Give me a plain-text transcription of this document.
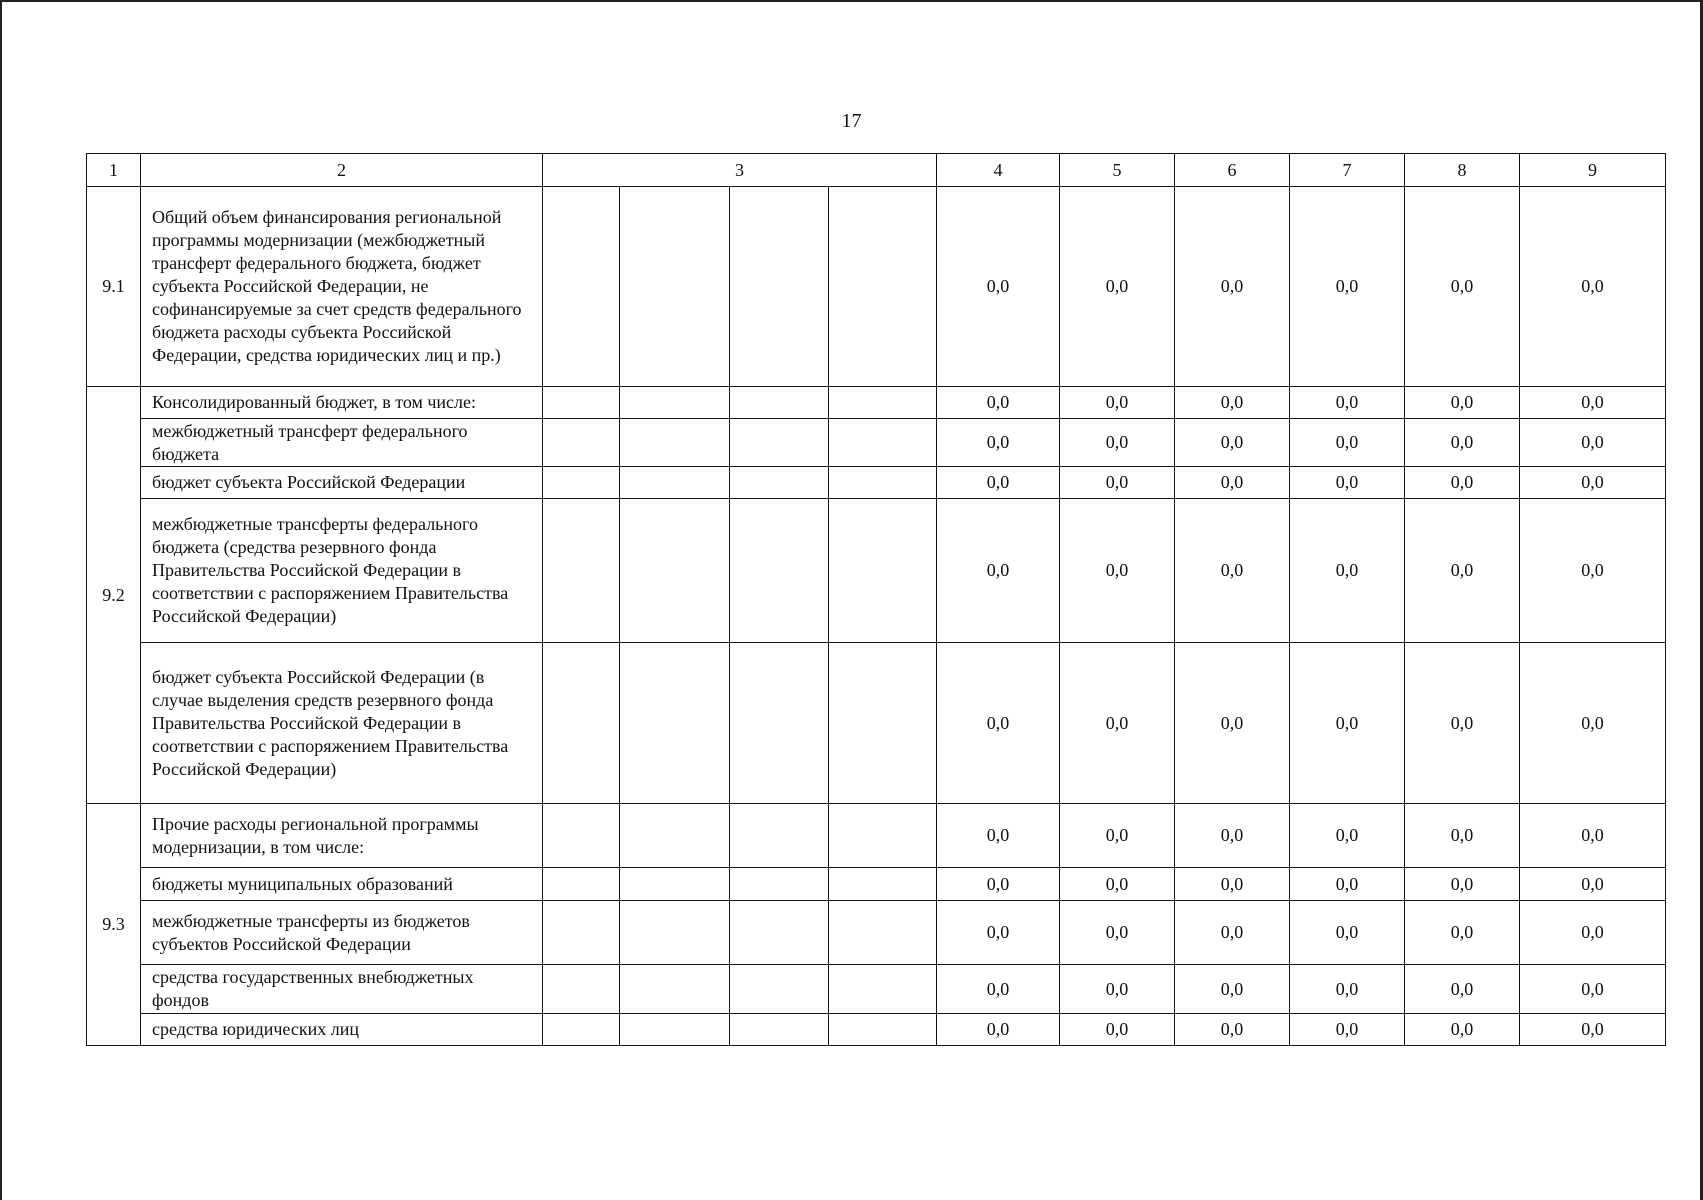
17
1	2	3				4	5	6	7	8	9
9.1	Общий объем финансирования региональной программы модернизации (межбюджетный трансферт федерального бюджета, бюджет субъекта Российской Федерации, не софинансируемые за счет средств федерального бюджета расходы субъекта Российской Федерации, средства юридических лиц и пр.)					0,0	0,0	0,0	0,0	0,0	0,0
9.2	Консолидированный бюджет, в том числе:					0,0	0,0	0,0	0,0	0,0	0,0
	межбюджетный трансферт федерального бюджета					0,0	0,0	0,0	0,0	0,0	0,0
	бюджет субъекта Российской Федерации					0,0	0,0	0,0	0,0	0,0	0,0
	межбюджетные трансферты федерального бюджета (средства резервного фонда Правительства Российской Федерации в соответствии с распоряжением Правительства Российской Федерации)					0,0	0,0	0,0	0,0	0,0	0,0
	бюджет субъекта Российской Федерации (в случае выделения средств резервного фонда Правительства Российской Федерации в соответствии с распоряжением Правительства Российской Федерации)					0,0	0,0	0,0	0,0	0,0	0,0
9.3	Прочие расходы региональной программы модернизации, в том числе:					0,0	0,0	0,0	0,0	0,0	0,0
	бюджеты муниципальных образований					0,0	0,0	0,0	0,0	0,0	0,0
	межбюджетные трансферты из бюджетов субъектов Российской Федерации					0,0	0,0	0,0	0,0	0,0	0,0
	средства государственных внебюджетных фондов					0,0	0,0	0,0	0,0	0,0	0,0
	средства юридических лиц					0,0	0,0	0,0	0,0	0,0	0,0
